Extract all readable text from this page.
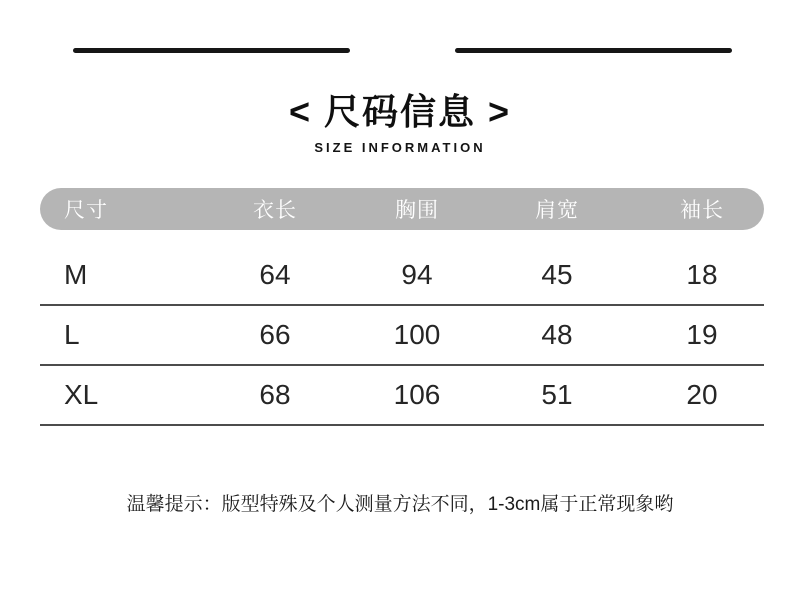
< 尺码信息 >
SIZE INFORMATION
尺寸	衣长	胸围	肩宽	袖长
M	64	94	45	18
L	66	100	48	19
XL	68	106	51	20
温馨提示：版型特殊及个人测量方法不同，1-3cm属于正常现象哟
